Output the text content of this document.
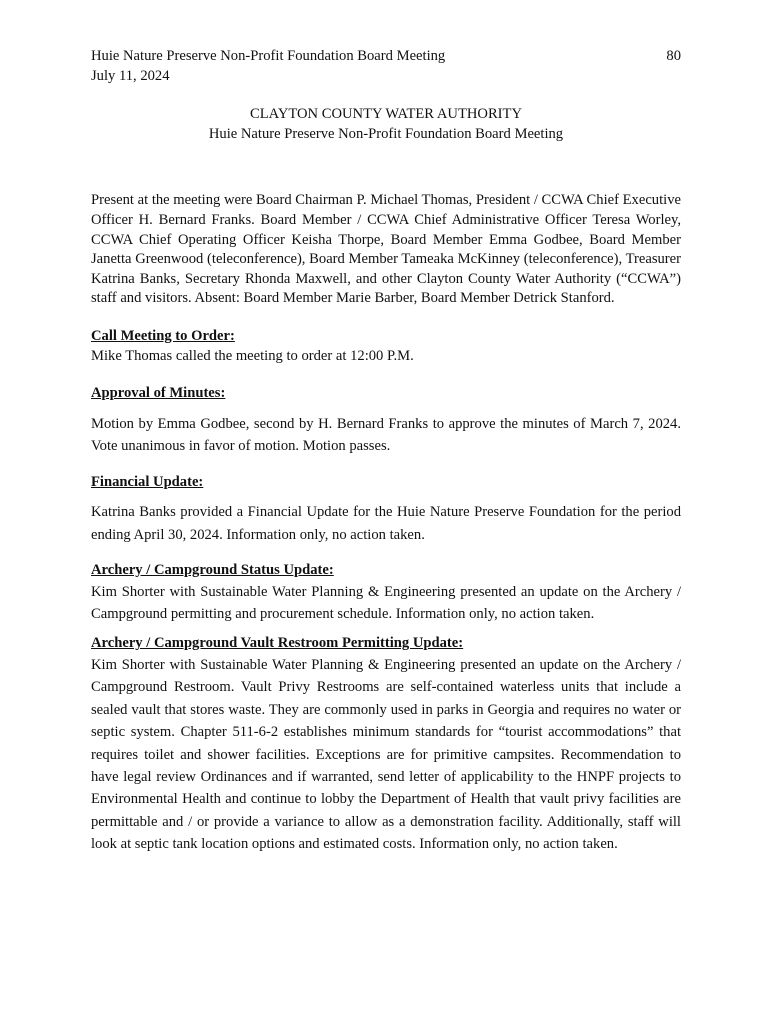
Huie Nature Preserve Non-Profit Foundation Board Meeting	80
July 11, 2024
CLAYTON COUNTY WATER AUTHORITY
Huie Nature Preserve Non-Profit Foundation Board Meeting

Present at the meeting were Board Chairman P. Michael Thomas, President / CCWA Chief Executive Officer H. Bernard Franks. Board Member / CCWA Chief Administrative Officer Teresa Worley, CCWA Chief Operating Officer Keisha Thorpe, Board Member Emma Godbee, Board Member Janetta Greenwood (teleconference), Board Member Tameaka McKinney (teleconference), Treasurer Katrina Banks, Secretary Rhonda Maxwell, and other Clayton County Water Authority (“CCWA”) staff and visitors. Absent: Board Member Marie Barber, Board Member Detrick Stanford.

Call Meeting to Order:

Mike Thomas called the meeting to order at 12:00 P.M.

Approval of Minutes:

Motion by Emma Godbee, second by H. Bernard Franks to approve the minutes of March 7, 2024. Vote unanimous in favor of motion. Motion passes.

Financial Update:

Katrina Banks provided a Financial Update for the Huie Nature Preserve Foundation for the period ending April 30, 2024. Information only, no action taken.

Archery / Campground Status Update:

Kim Shorter with Sustainable Water Planning & Engineering presented an update on the Archery / Campground permitting and procurement schedule. Information only, no action taken.

Archery / Campground Vault Restroom Permitting Update:

Kim Shorter with Sustainable Water Planning & Engineering presented an update on the Archery / Campground Restroom. Vault Privy Restrooms are self-contained waterless units that include a sealed vault that stores waste. They are commonly used in parks in Georgia and requires no water or septic system. Chapter 511-6-2 establishes minimum standards for “tourist accommodations” that requires toilet and shower facilities. Exceptions are for primitive campsites. Recommendation to have legal review Ordinances and if warranted, send letter of applicability to the HNPF projects to Environmental Health and continue to lobby the Department of Health that vault privy facilities are permittable and / or provide a variance to allow as a demonstration facility. Additionally, staff will look at septic tank location options and estimated costs. Information only, no action taken.
